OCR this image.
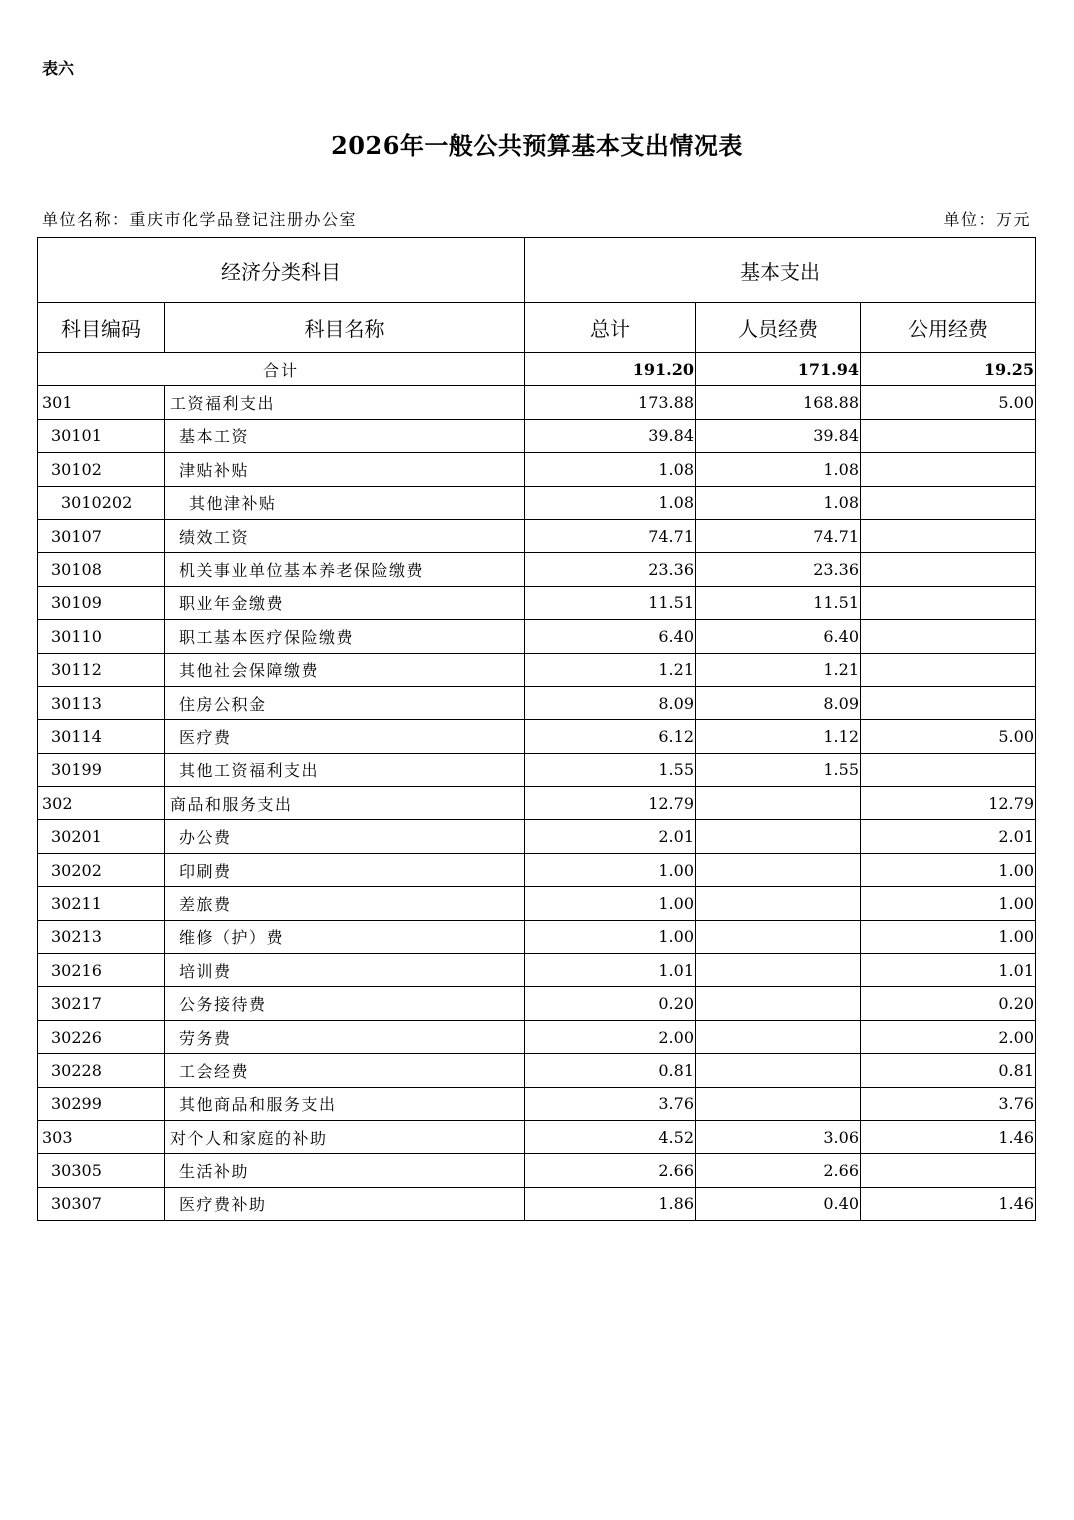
表六
2026年一般公共预算基本支出情况表
单位名称：重庆市化学品登记注册办公室	单位：万元
经济分类科目		基本支出		
科目编码	科目名称	总计	人员经费	公用经费
合计		191.20	171.94	19.25
301	工资福利支出	173.88	168.88	5.00
30101	基本工资	39.84	39.84	
30102	津贴补贴	1.08	1.08	
3010202	其他津补贴	1.08	1.08	
30107	绩效工资	74.71	74.71	
30108	机关事业单位基本养老保险缴费	23.36	23.36	
30109	职业年金缴费	11.51	11.51	
30110	职工基本医疗保险缴费	6.40	6.40	
30112	其他社会保障缴费	1.21	1.21	
30113	住房公积金	8.09	8.09	
30114	医疗费	6.12	1.12	5.00
30199	其他工资福利支出	1.55	1.55	
302	商品和服务支出	12.79		12.79
30201	办公费	2.01		2.01
30202	印刷费	1.00		1.00
30211	差旅费	1.00		1.00
30213	维修（护）费	1.00		1.00
30216	培训费	1.01		1.01
30217	公务接待费	0.20		0.20
30226	劳务费	2.00		2.00
30228	工会经费	0.81		0.81
30299	其他商品和服务支出	3.76		3.76
303	对个人和家庭的补助	4.52	3.06	1.46
30305	生活补助	2.66	2.66	
30307	医疗费补助	1.86	0.40	1.46
